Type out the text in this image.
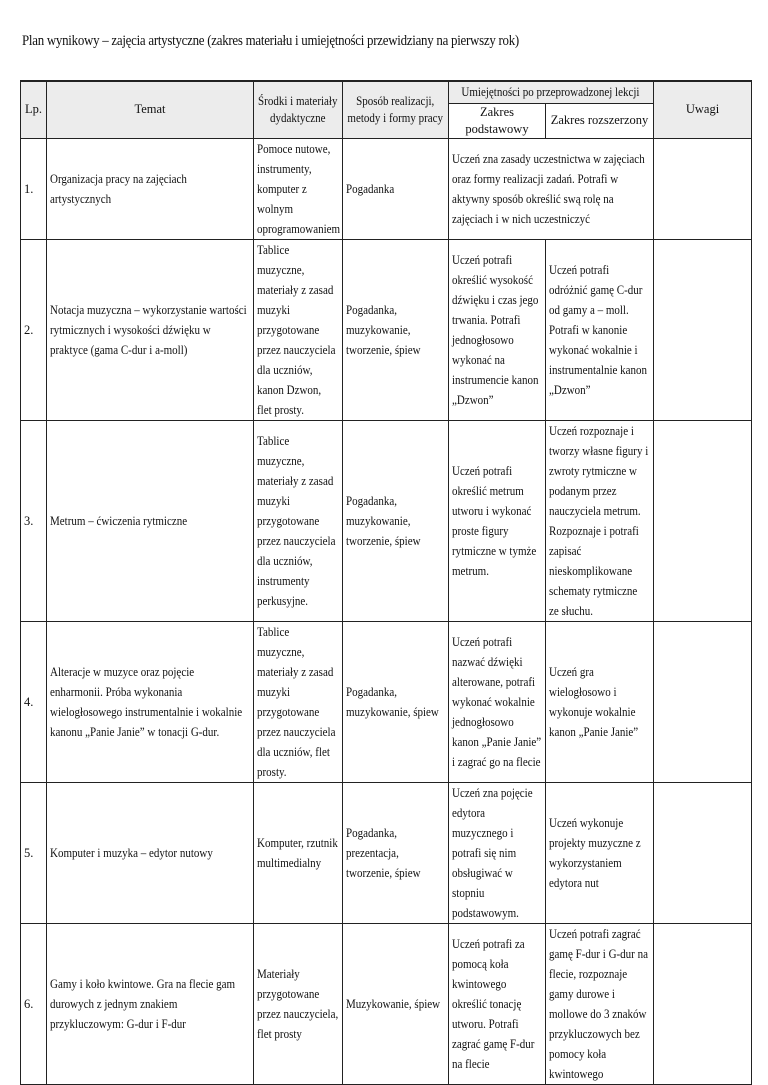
Plan wynikowy – zajęcia artystyczne (zakres materiału i umiejętności przewidziany na pierwszy rok)
Lp.	Temat	Środki i materiały dydaktyczne	Sposób realizacji, metody i formy pracy	Umiejętności po przeprowadzonej lekcji		Uwagi
				Zakres podstawowy	Zakres rozszerzony	
1.	Organizacja pracy na zajęciach artystycznych	Pomoce nutowe, instrumenty, komputer z wolnym oprogramowaniem	Pogadanka	Uczeń zna zasady uczestnictwa w zajęciach oraz formy realizacji zadań. Potrafi w aktywny sposób określić swą rolę na zajęciach i w nich uczestniczyć		
2.	Notacja muzyczna – wykorzystanie wartości rytmicznych i wysokości dźwięku w praktyce (gama C-dur i a-moll)	Tablice muzyczne, materiały z zasad muzyki przygotowane przez nauczyciela dla uczniów, kanon Dzwon, flet prosty.	Pogadanka, muzykowanie, tworzenie, śpiew	Uczeń potrafi określić wysokość dźwięku i czas jego trwania. Potrafi jednogłosowo wykonać na instrumencie kanon „Dzwon”	Uczeń potrafi odróżnić gamę C-dur od gamy a – moll. Potrafi w kanonie wykonać wokalnie i instrumentalnie kanon „Dzwon”	
3.	Metrum – ćwiczenia rytmiczne	Tablice muzyczne, materiały z zasad muzyki przygotowane przez nauczyciela dla uczniów, instrumenty perkusyjne.	Pogadanka, muzykowanie, tworzenie, śpiew	Uczeń potrafi określić metrum utworu i wykonać proste figury rytmiczne w tymże metrum.	Uczeń rozpoznaje i tworzy własne figury i zwroty rytmiczne w podanym przez nauczyciela metrum. Rozpoznaje i potrafi zapisać nieskomplikowane schematy rytmiczne ze słuchu.	
4.	Alteracje w muzyce oraz pojęcie enharmonii. Próba wykonania wielogłosowego instrumentalnie i wokalnie kanonu „Panie Janie” w tonacji G-dur.	Tablice muzyczne, materiały z zasad muzyki przygotowane przez nauczyciela dla uczniów, flet prosty.	Pogadanka, muzykowanie, śpiew	Uczeń potrafi nazwać dźwięki alterowane, potrafi wykonać wokalnie jednogłosowo kanon „Panie Janie” i zagrać go na flecie	Uczeń gra wielogłosowo i wykonuje wokalnie kanon „Panie Janie”	
5.	Komputer i muzyka – edytor nutowy	Komputer, rzutnik multimedialny	Pogadanka, prezentacja, tworzenie, śpiew	Uczeń zna pojęcie edytora muzycznego i potrafi się nim obsługiwać w stopniu podstawowym.	Uczeń wykonuje projekty muzyczne z wykorzystaniem edytora nut	
6.	Gamy i koło kwintowe. Gra na flecie gam durowych z jednym znakiem przykluczowym: G-dur i F-dur	Materiały przygotowane przez nauczyciela, flet prosty	Muzykowanie, śpiew	Uczeń potrafi za pomocą koła kwintowego określić tonację utworu. Potrafi zagrać gamę F-dur na flecie	Uczeń potrafi zagrać gamę F-dur i G-dur na flecie, rozpoznaje gamy durowe i mollowe do 3 znaków przykluczowych bez pomocy koła kwintowego	
